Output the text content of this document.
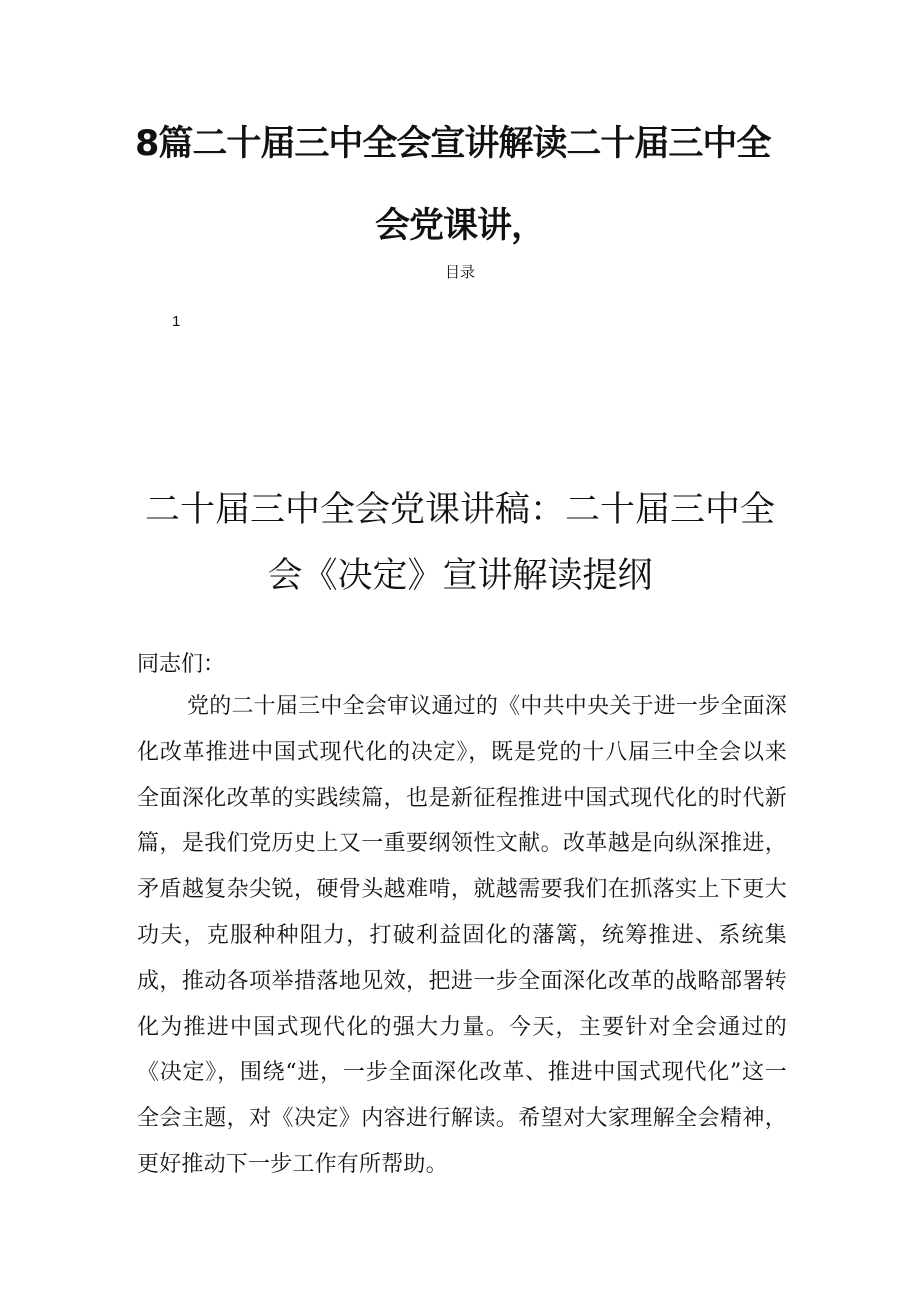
8篇二十届三中全会宣讲解读二十届三中全
会党课讲，
目录
1
二十届三中全会党课讲稿：二十届三中全
会《决定》宣讲解读提纲
同志们：

党的二十届三中全会审议通过的《中共中央关于进一步全面深化改革推进中国式现代化的决定》，既是党的十八届三中全会以来全面深化改革的实践续篇，也是新征程推进中国式现代化的时代新篇，是我们党历史上又一重要纲领性文献。改革越是向纵深推进，矛盾越复杂尖锐，硬骨头越难啃，就越需要我们在抓落实上下更大功夫，克服种种阻力，打破利益固化的藩篱，统筹推进、系统集成，推动各项举措落地见效，把进一步全面深化改革的战略部署转化为推进中国式现代化的强大力量。今天，主要针对全会通过的《决定》，围绕“进，一步全面深化改革、推进中国式现代化”这一全会主题，对《决定》内容进行解读。希望对大家理解全会精神，更好推动下一步工作有所帮助。
